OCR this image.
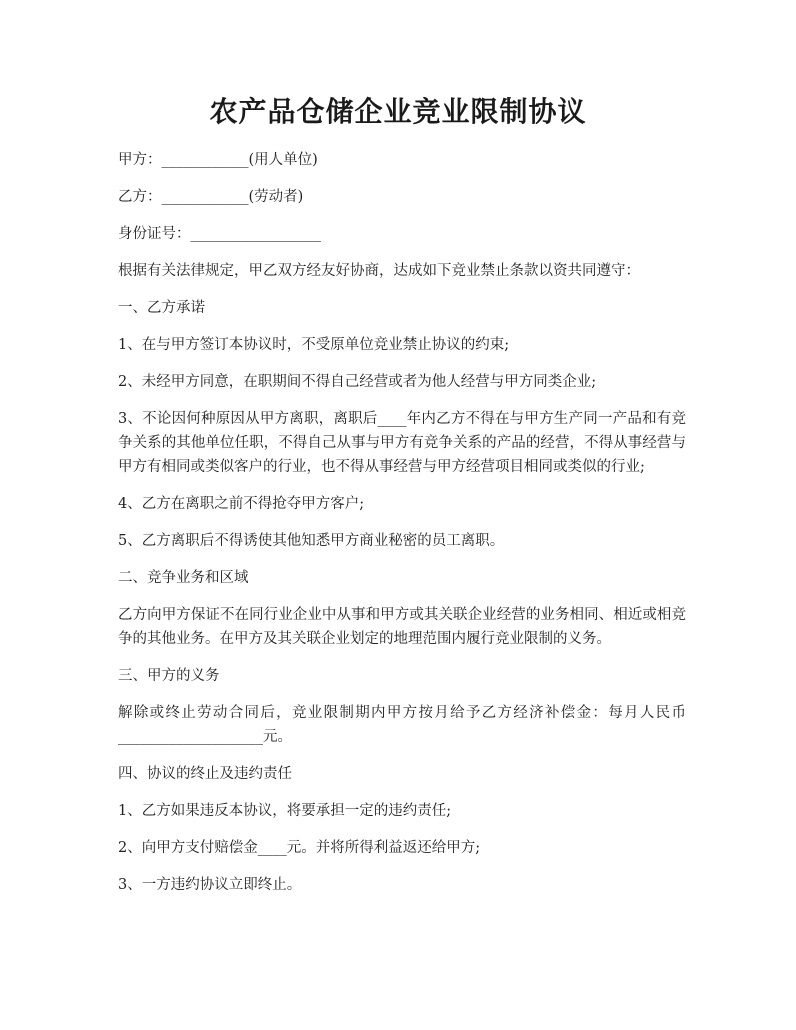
农产品仓储企业竞业限制协议

甲方：____________(用人单位)

乙方：____________(劳动者)

身份证号：__________________

根据有关法律规定，甲乙双方经友好协商，达成如下竞业禁止条款以资共同遵守：

一、乙方承诺

1、在与甲方签订本协议时，不受原单位竞业禁止协议的约束;

2、未经甲方同意，在职期间不得自己经营或者为他人经营与甲方同类企业;

3、不论因何种原因从甲方离职，离职后____年内乙方不得在与甲方生产同一产品和有竞争关系的其他单位任职，不得自己从事与甲方有竞争关系的产品的经营，不得从事经营与甲方有相同或类似客户的行业，也不得从事经营与甲方经营项目相同或类似的行业;

4、乙方在离职之前不得抢夺甲方客户;

5、乙方离职后不得诱使其他知悉甲方商业秘密的员工离职。

二、竞争业务和区域

乙方向甲方保证不在同行业企业中从事和甲方或其关联企业经营的业务相同、相近或相竞争的其他业务。在甲方及其关联企业划定的地理范围内履行竞业限制的义务。

三、甲方的义务

解除或终止劳动合同后，竞业限制期内甲方按月给予乙方经济补偿金：每月人民币____________________元。

四、协议的终止及违约责任

1、乙方如果违反本协议，将要承担一定的违约责任;

2、向甲方支付赔偿金____元。并将所得利益返还给甲方;

3、一方违约协议立即终止。
